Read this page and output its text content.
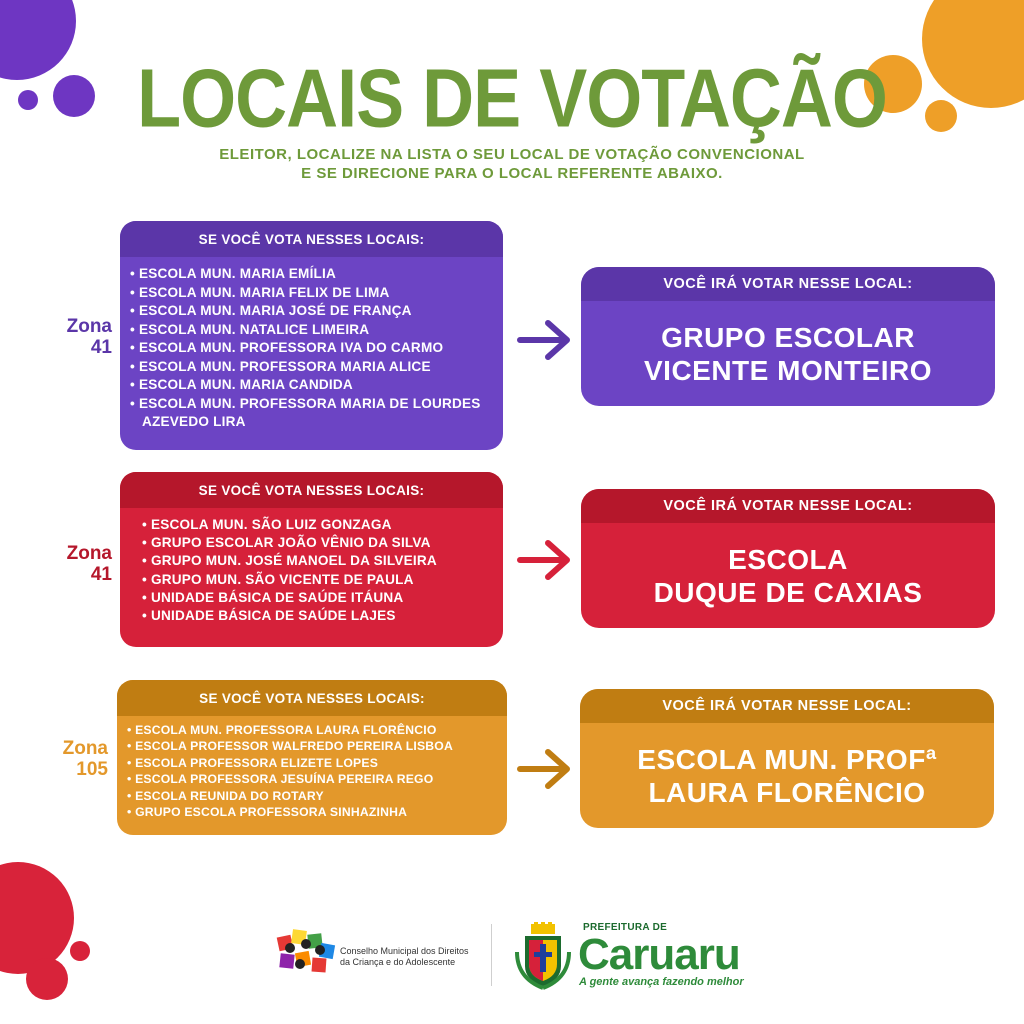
LOCAIS DE VOTAÇÃO
ELEITOR, LOCALIZE NA LISTA O SEU LOCAL DE VOTAÇÃO CONVENCIONAL
E SE DIRECIONE PARA O LOCAL REFERENTE ABAIXO.
Zona
41
SE VOCÊ VOTA NESSES LOCAIS:
• ESCOLA MUN. MARIA EMÍLIA
• ESCOLA MUN. MARIA FELIX DE LIMA
• ESCOLA MUN. MARIA JOSÉ DE FRANÇA
• ESCOLA MUN. NATALICE LIMEIRA
• ESCOLA MUN. PROFESSORA IVA DO CARMO
• ESCOLA MUN. PROFESSORA MARIA ALICE
• ESCOLA MUN. MARIA CANDIDA
• ESCOLA MUN. PROFESSORA MARIA DE LOURDES AZEVEDO LIRA
VOCÊ IRÁ VOTAR NESSE LOCAL:
GRUPO ESCOLAR
VICENTE MONTEIRO
Zona
41
SE VOCÊ VOTA NESSES LOCAIS:
• ESCOLA MUN. SÃO LUIZ GONZAGA
• GRUPO ESCOLAR JOÃO VÊNIO DA SILVA
• GRUPO MUN. JOSÉ MANOEL DA SILVEIRA
• GRUPO MUN. SÃO VICENTE DE PAULA
• UNIDADE BÁSICA DE SAÚDE ITÁUNA
• UNIDADE BÁSICA DE SAÚDE LAJES
VOCÊ IRÁ VOTAR NESSE LOCAL:
ESCOLA
DUQUE DE CAXIAS
Zona
105
SE VOCÊ VOTA NESSES LOCAIS:
• ESCOLA MUN. PROFESSORA LAURA FLORÊNCIO
• ESCOLA PROFESSOR WALFREDO PEREIRA LISBOA
• ESCOLA PROFESSORA ELIZETE LOPES
• ESCOLA PROFESSORA JESUÍNA PEREIRA REGO
• ESCOLA REUNIDA DO ROTARY
• GRUPO ESCOLA PROFESSORA SINHAZINHA
VOCÊ IRÁ VOTAR NESSE LOCAL:
ESCOLA MUN. PROFª
LAURA FLORÊNCIO
Conselho Municipal dos Direitos
da Criança e do Adolescente
PREFEITURA DE
Caruaru
A gente avança fazendo melhor
